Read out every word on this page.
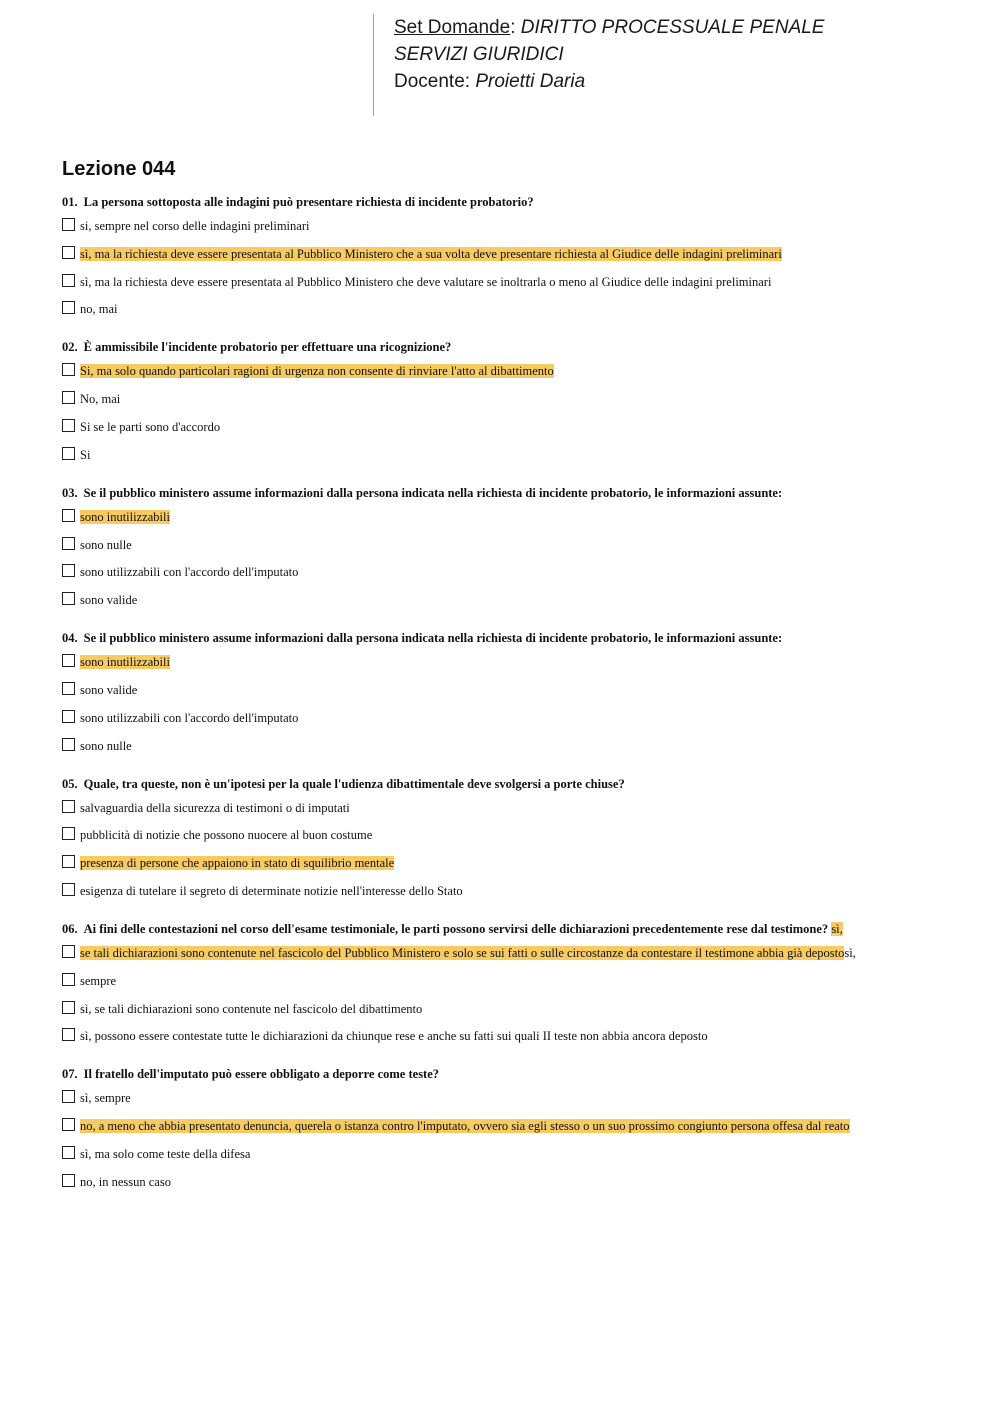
Set Domande: DIRITTO PROCESSUALE PENALE
SERVIZI GIURIDICI
Docente: Proietti Daria
Lezione 044
01. La persona sottoposta alle indagini può presentare richiesta di incidente probatorio?
si, sempre nel corso delle indagini preliminari
sì, ma la richiesta deve essere presentata al Pubblico Ministero che a sua volta deve presentare richiesta al Giudice delle indagini preliminari
sì, ma la richiesta deve essere presentata al Pubblico Ministero che deve valutare se inoltrarla o meno al Giudice delle indagini preliminari
no, mai
02. È ammissibile l'incidente probatorio per effettuare una ricognizione?
Si, ma solo quando particolari ragioni di urgenza non consente di rinviare l'atto al dibattimento
No, mai
Si se le parti sono d'accordo
Si
03. Se il pubblico ministero assume informazioni dalla persona indicata nella richiesta di incidente probatorio, le informazioni assunte:
sono inutilizzabili
sono nulle
sono utilizzabili con l'accordo dell'imputato
sono valide
04. Se il pubblico ministero assume informazioni dalla persona indicata nella richiesta di incidente probatorio, le informazioni assunte:
sono inutilizzabili
sono valide
sono utilizzabili con l'accordo dell'imputato
sono nulle
05. Quale, tra queste, non è un'ipotesi per la quale l'udienza dibattimentale deve svolgersi a porte chiuse?
salvaguardia della sicurezza di testimoni o di imputati
pubblicità di notizie che possono nuocere al buon costume
presenza di persone che appaiono in stato di squilibrio mentale
esigenza di tutelare il segreto di determinate notizie nell'interesse dello Stato
06. Ai fini delle contestazioni nel corso dell'esame testimoniale, le parti possono servirsi delle dichiarazioni precedentemente rese dal testimone? sì,
se tali dichiarazioni sono contenute nel fascicolo del Pubblico Ministero e solo se sui fatti o sulle circostanze da contestare il testimone abbia già depostosì,
sempre
sì, se tali dichiarazioni sono contenute nel fascicolo del dibattimento
sì, possono essere contestate tutte le dichiarazioni da chiunque rese e anche su fatti sui quali II teste non abbia ancora deposto
07. Il fratello dell'imputato può essere obbligato a deporre come teste?
sì, sempre
no, a meno che abbia presentato denuncia, querela o istanza contro l'imputato, ovvero sia egli stesso o un suo prossimo congiunto persona offesa dal reato
sì, ma solo come teste della difesa
no, in nessun caso
